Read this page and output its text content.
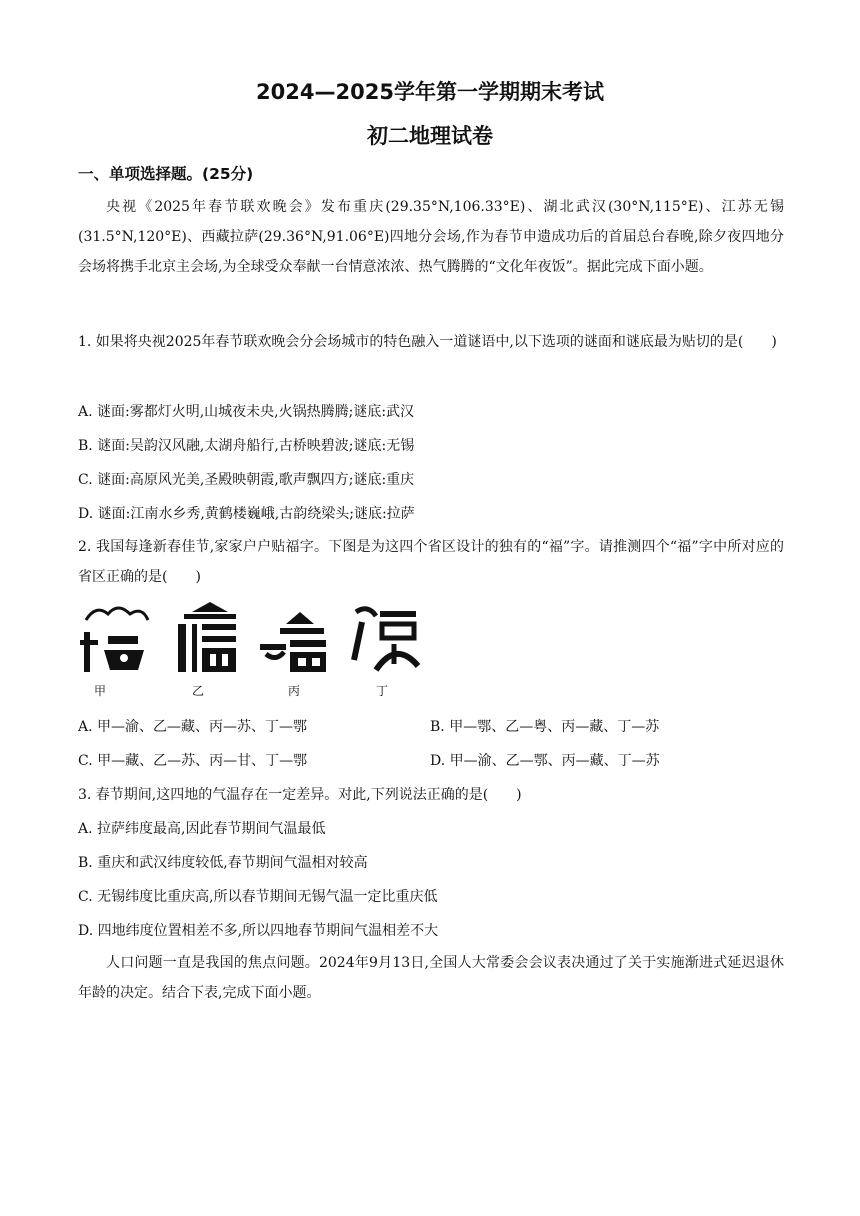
2024—2025学年第一学期期末考试
初二地理试卷
一、单项选择题。(25分)
央视《2025年春节联欢晚会》发布重庆(29.35°N,106.33°E)、湖北武汉(30°N,115°E)、江苏无锡(31.5°N,120°E)、西藏拉萨(29.36°N,91.06°E)四地分会场,作为春节申遗成功后的首届总台春晚,除夕夜四地分会场将携手北京主会场,为全球受众奉献一台情意浓浓、热气腾腾的“文化年夜饭”。据此完成下面小题。
1. 如果将央视2025年春节联欢晚会分会场城市的特色融入一道谜语中,以下选项的谜面和谜底最为贴切的是(　　)
A. 谜面:雾都灯火明,山城夜未央,火锅热腾腾;谜底:武汉
B. 谜面:吴韵汉风融,太湖舟船行,古桥映碧波;谜底:无锡
C. 谜面:高原风光美,圣殿映朝霞,歌声飘四方;谜底:重庆
D. 谜面:江南水乡秀,黄鹤楼巍峨,古韵绕梁头;谜底:拉萨
2. 我国每逢新春佳节,家家户户贴福字。下图是为这四个省区设计的独有的“福”字。请推测四个“福”字中所对应的省区正确的是(　　)
甲	乙	丙	丁
A. 甲—渝、乙—藏、丙—苏、丁—鄂	B. 甲—鄂、乙—粤、丙—藏、丁—苏
C. 甲—藏、乙—苏、丙—甘、丁—鄂	D. 甲—渝、乙—鄂、丙—藏、丁—苏
3. 春节期间,这四地的气温存在一定差异。对此,下列说法正确的是(　　)
A. 拉萨纬度最高,因此春节期间气温最低
B. 重庆和武汉纬度较低,春节期间气温相对较高
C. 无锡纬度比重庆高,所以春节期间无锡气温一定比重庆低
D. 四地纬度位置相差不多,所以四地春节期间气温相差不大
人口问题一直是我国的焦点问题。2024年9月13日,全国人大常委会会议表决通过了关于实施渐进式延迟退休年龄的决定。结合下表,完成下面小题。
